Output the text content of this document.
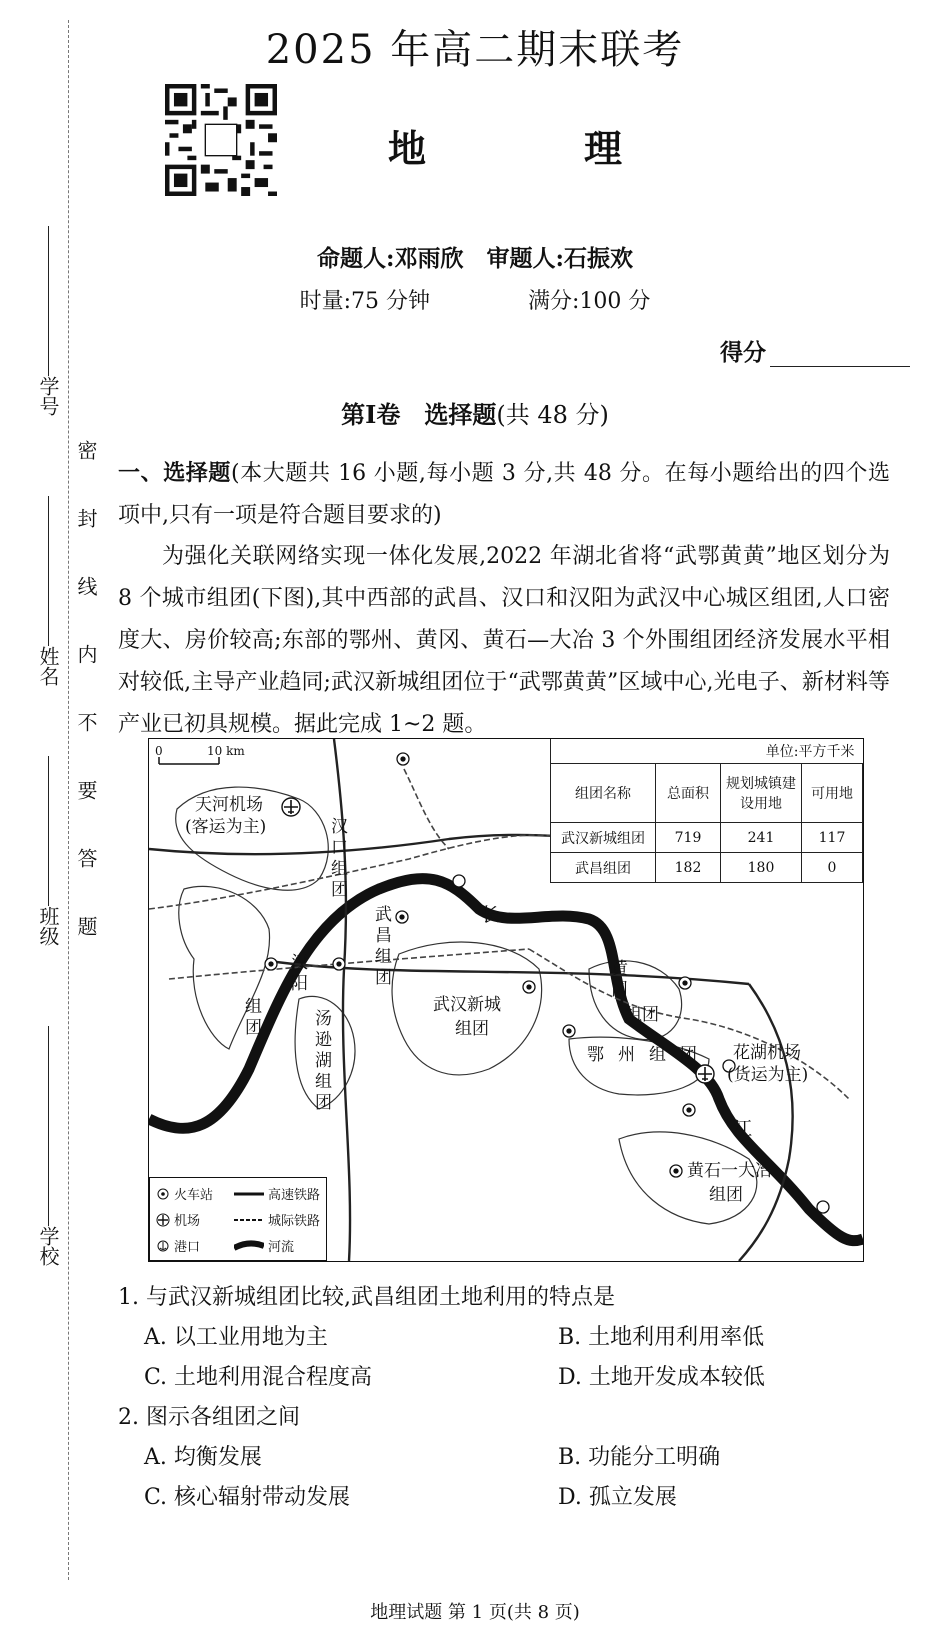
学号
姓名
班级
学校
密封线内不要答题
2025 年高二期末联考
地　理
命题人:邓雨欣　审题人:石振欢
时量:75 分钟	满分:100 分
得分
第Ⅰ卷　选择题(共 48 分)
一、选择题(本大题共 16 小题,每小题 3 分,共 48 分。在每小题给出的四个选项中,只有一项是符合题目要求的)
为强化关联网络实现一体化发展,2022 年湖北省将“武鄂黄黄”地区划分为 8 个城市组团(下图),其中西部的武昌、汉口和汉阳为武汉中心城区组团,人口密度大、房价较高;东部的鄂州、黄冈、黄石—大冶 3 个外围组团经济发展水平相对较低,主导产业趋同;武汉新城组团位于“武鄂黄黄”区域中心,光电子、新材料等产业已初具规模。据此完成 1~2 题。
0	10 km
天河机场
(客运为主)	汉口组团
武昌组团
汉阳
组团	汤逊湖组团
武汉新城
组团
黄冈
组团
鄂州组团 花湖机场
(货运为主)
黄石一大冶
组团
长
江
单位:平方千米			
组团名称	总面积	规划城镇建设用地	可用地
武汉新城组团	719	241	117
武昌组团	182	180	0
火车站
机场
港口
高速铁路
城际铁路
河流
1. 与武汉新城组团比较,武昌组团土地利用的特点是
A. 以工业用地为主	B. 土地利用利用率低
C. 土地利用混合程度高	D. 土地开发成本较低
2. 图示各组团之间
A. 均衡发展	B. 功能分工明确
C. 核心辐射带动发展	D. 孤立发展
地理试题 第 1 页(共 8 页)
